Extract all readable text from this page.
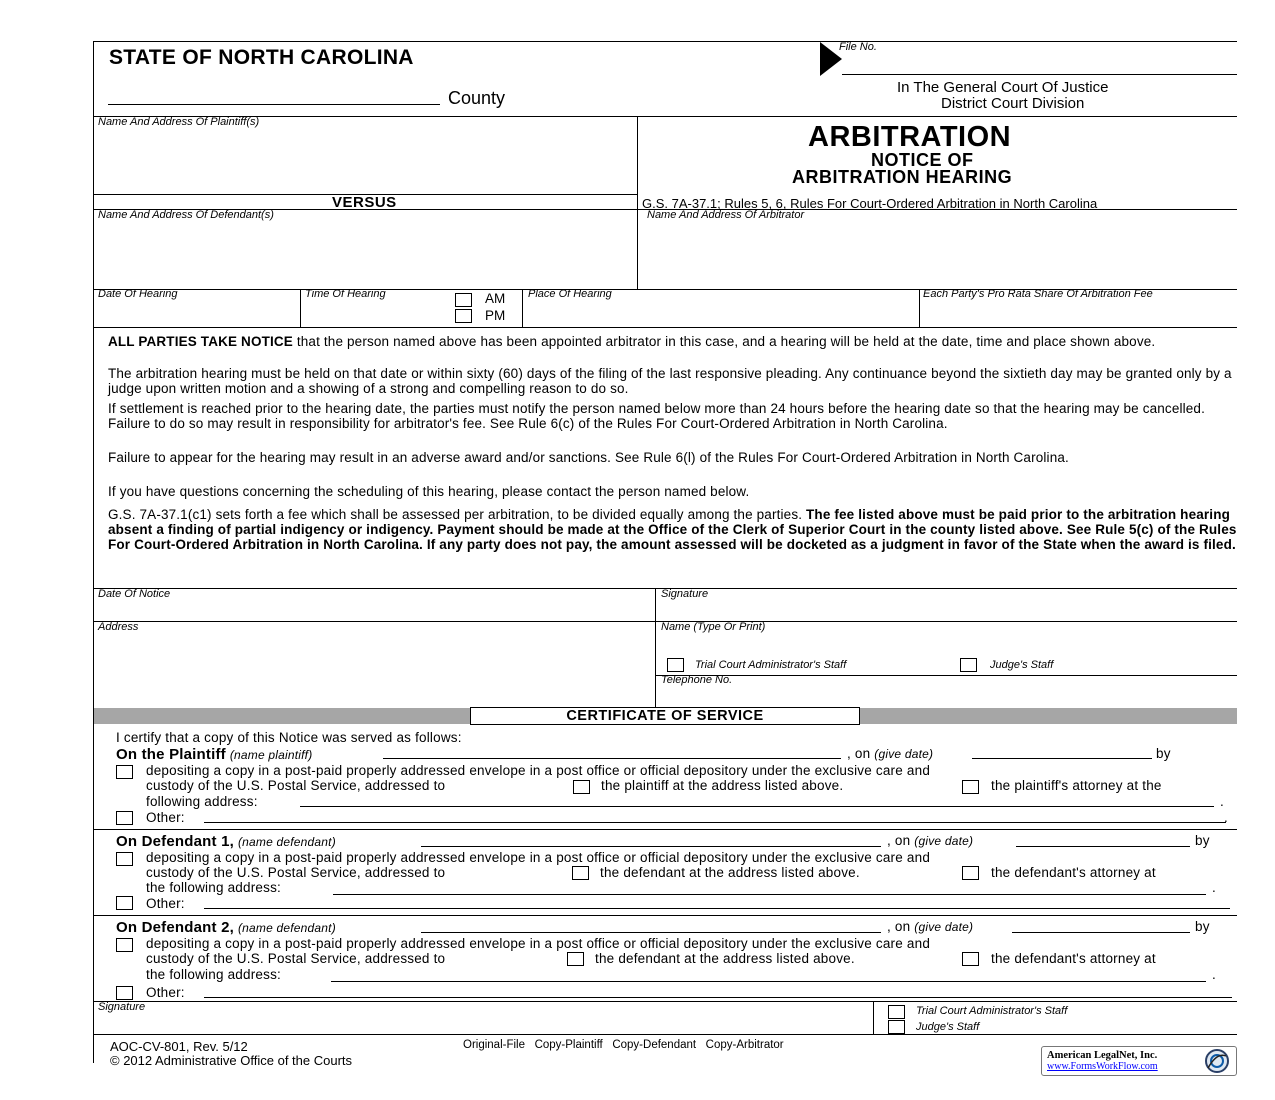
STATE OF NORTH CAROLINA
County
File No.
In The General Court Of Justice
District Court Division
Name And Address Of Plaintiff(s)	ARBITRATION
NOTICE OF
ARBITRATION HEARING
VERSUS	G.S. 7A-37.1; Rules 5, 6, Rules For Court-Ordered Arbitration in North Carolina
Name And Address Of Defendant(s)	Name And Address Of Arbitrator
Date Of Hearing	Time Of Hearing	AM
PM
Place Of Hearing	Each Party's Pro Rata Share Of Arbitration Fee
ALL PARTIES TAKE NOTICE that the person named above has been appointed arbitrator in this case, and a hearing will be held at the date, time and place shown above.
The arbitration hearing must be held on that date or within sixty (60) days of the filing of the last responsive pleading. Any continuance beyond the sixtieth day may be granted only by a judge upon written motion and a showing of a strong and compelling reason to do so.
If settlement is reached prior to the hearing date, the parties must notify the person named below more than 24 hours before the hearing date so that the hearing may be cancelled. Failure to do so may result in responsibility for arbitrator's fee. See Rule 6(c) of the Rules For Court-Ordered Arbitration in North Carolina.
Failure to appear for the hearing may result in an adverse award and/or sanctions. See Rule 6(l) of the Rules For Court-Ordered Arbitration in North Carolina.
If you have questions concerning the scheduling of this hearing, please contact the person named below.
G.S. 7A-37.1(c1) sets forth a fee which shall be assessed per arbitration, to be divided equally among the parties. The fee listed above must be paid prior to the arbitration hearing absent a finding of partial indigency or indigency. Payment should be made at the Office of the Clerk of Superior Court in the county listed above. See Rule 5(c) of the Rules For Court-Ordered Arbitration in North Carolina. If any party does not pay, the amount assessed will be docketed as a judgment in favor of the State when the award is filed.
Date Of Notice	Signature
Address	Name (Type Or Print)
Trial Court Administrator's Staff	Judge's Staff
Telephone No.
CERTIFICATE OF SERVICE
I certify that a copy of this Notice was served as follows:
On the Plaintiff (name plaintiff)	, on (give date)	by
depositing a copy in a post-paid properly addressed envelope in a post office or official depository under the exclusive care and
custody of the U.S. Postal Service, addressed to	the plaintiff at the address listed above.	the plaintiff's attorney at the
following address:	.
Other:	.
On Defendant 1, (name defendant)	, on (give date)	by
depositing a copy in a post-paid properly addressed envelope in a post office or official depository under the exclusive care and
custody of the U.S. Postal Service, addressed to	the defendant at the address listed above.	the defendant's attorney at
the following address:	.
Other:
On Defendant 2, (name defendant)	, on (give date)	by
depositing a copy in a post-paid properly addressed envelope in a post office or official depository under the exclusive care and
custody of the U.S. Postal Service, addressed to	the defendant at the address listed above.	the defendant's attorney at
the following address:	.
Other:
Signature	Trial Court Administrator's Staff
Judge's Staff
AOC-CV-801, Rev. 5/12
© 2012 Administrative Office of the Courts
Original-File   Copy-Plaintiff   Copy-Defendant   Copy-Arbitrator
American LegalNet, Inc.
www.FormsWorkFlow.com
